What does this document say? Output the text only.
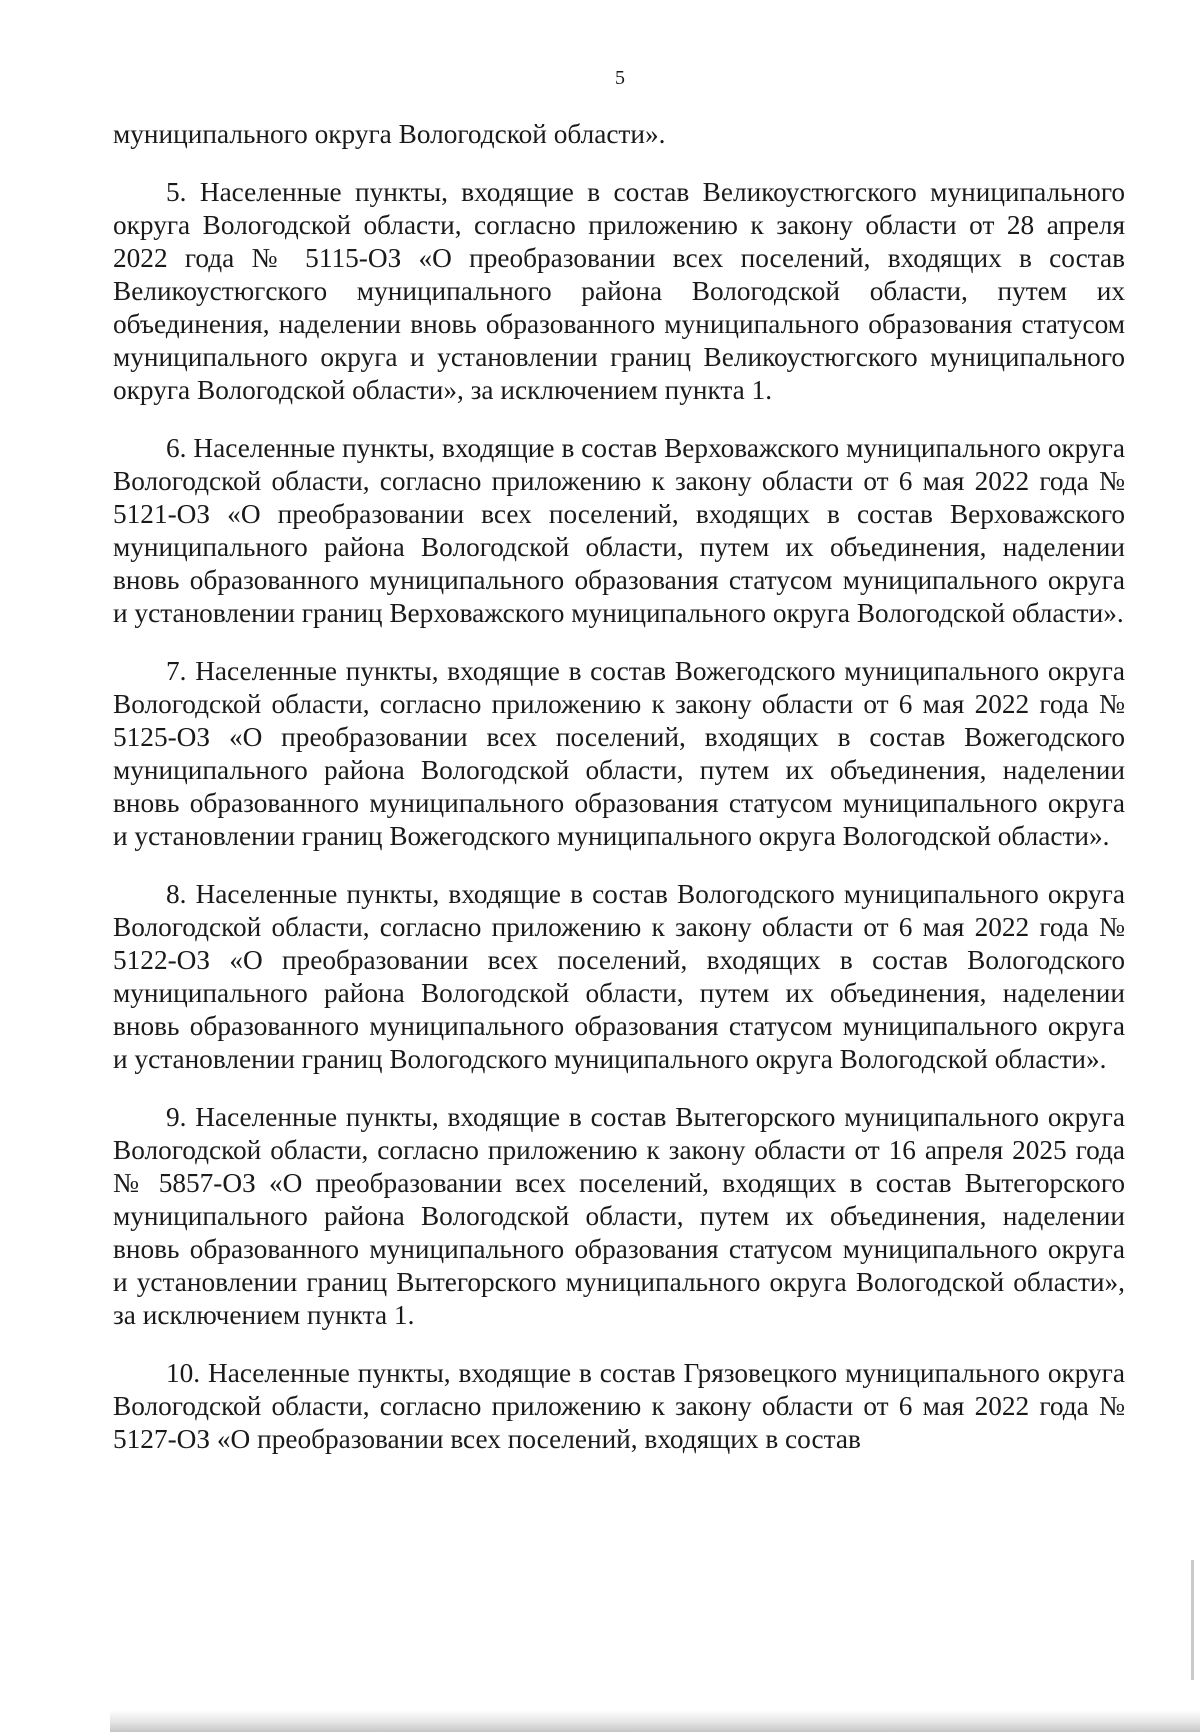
5

муниципального округа Вологодской области».

5. Населенные пункты, входящие в состав Великоустюгского муниципального округа Вологодской области, согласно приложению к закону области от 28 апреля 2022 года № 5115-ОЗ «О преобразовании всех поселений, входящих в состав Великоустюгского муниципального района Вологодской области, путем их объединения, наделении вновь образованного муниципального образования статусом муниципального округа и установлении границ Великоустюгского муниципального округа Вологодской области», за исключением пункта 1.

6. Населенные пункты, входящие в состав Верховажского муниципального округа Вологодской области, согласно приложению к закону области от 6 мая 2022 года № 5121-ОЗ «О преобразовании всех поселений, входящих в состав Верховажского муниципального района Вологодской области, путем их объединения, наделении вновь образованного муниципального образования статусом муниципального округа и установлении границ Верховажского муниципального округа Вологодской области».

7. Населенные пункты, входящие в состав Вожегодского муниципального округа Вологодской области, согласно приложению к закону области от 6 мая 2022 года № 5125-ОЗ «О преобразовании всех поселений, входящих в состав Вожегодского муниципального района Вологодской области, путем их объединения, наделении вновь образованного муниципального образования статусом муниципального округа и установлении границ Вожегодского муниципального округа Вологодской области».

8. Населенные пункты, входящие в состав Вологодского муниципального округа Вологодской области, согласно приложению к закону области от 6 мая 2022 года № 5122-ОЗ «О преобразовании всех поселений, входящих в состав Вологодского муниципального района Вологодской области, путем их объединения, наделении вновь образованного муниципального образования статусом муниципального округа и установлении границ Вологодского муниципального округа Вологодской области».

9. Населенные пункты, входящие в состав Вытегорского муниципального округа Вологодской области, согласно приложению к закону области от 16 апреля 2025 года № 5857-ОЗ «О преобразовании всех поселений, входящих в состав Вытегорского муниципального района Вологодской области, путем их объединения, наделении вновь образованного муниципального образования статусом муниципального округа и установлении границ Вытегорского муниципального округа Вологодской области», за исключением пункта 1.

10. Населенные пункты, входящие в состав Грязовецкого муниципального округа Вологодской области, согласно приложению к закону области от 6 мая 2022 года № 5127-ОЗ «О преобразовании всех поселений, входящих в состав
